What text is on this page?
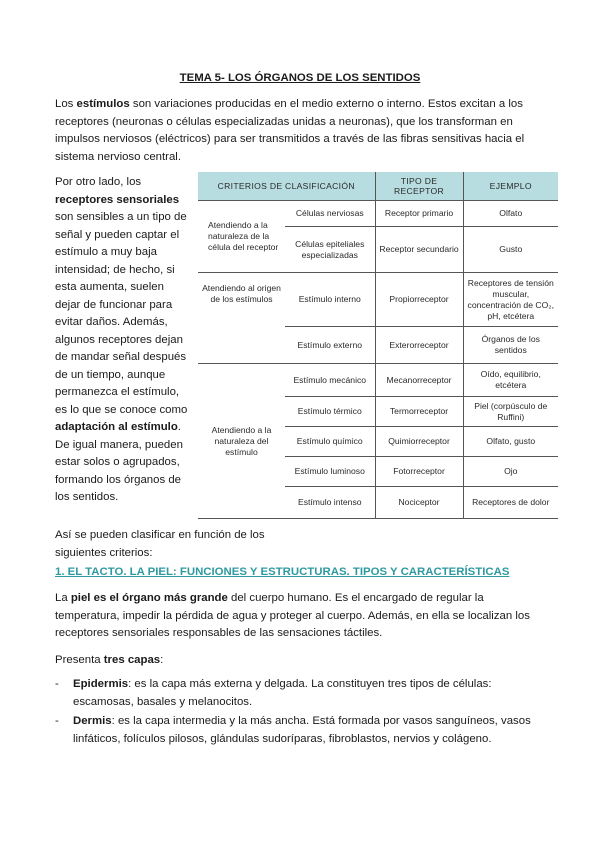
TEMA 5- LOS ÓRGANOS DE LOS SENTIDOS

Los estímulos son variaciones producidas en el medio externo o interno. Estos excitan a los receptores (neuronas o células especializadas unidas a neuronas), que los transforman en impulsos nerviosos (eléctricos) para ser transmitidos a través de las fibras sensitivas hacia el sistema nervioso central.

Por otro lado, los receptores sensoriales son sensibles a un tipo de señal y pueden captar el estímulo a muy baja intensidad; de hecho, si esta aumenta, suelen dejar de funcionar para evitar daños. Además, algunos receptores dejan de mandar señal después de un tiempo, aunque permanezca el estímulo, es lo que se conoce como adaptación al estímulo. De igual manera, pueden estar solos o agrupados, formando los órganos de los sentidos.
CRITERIOS DE CLASIFICACIÓN		TIPO DE RECEPTOR	EJEMPLO
Atendiendo a la naturaleza de la célula del receptor	Células nerviosas	Receptor primario	Olfato
	Células epiteliales especializadas	Receptor secundario	Gusto
Atendiendo al origen de los estímulos	Estímulo interno	Propiorreceptor	Receptores de tensión muscular, concentración de CO₂, pH, etcétera
	Estímulo externo	Exterorreceptor	Órganos de los sentidos
Atendiendo a la naturaleza del estímulo	Estímulo mecánico	Mecanorreceptor	Oído, equilibrio, etcétera
	Estímulo térmico	Termorreceptor	Piel (corpúsculo de Ruffini)
	Estímulo químico	Quimiorreceptor	Olfato, gusto
	Estímulo luminoso	Fotorreceptor	Ojo
	Estímulo intenso	Nociceptor	Receptores de dolor
Así se pueden clasificar en función de los siguientes criterios:
1. EL TACTO. LA PIEL: FUNCIONES Y ESTRUCTURAS. TIPOS Y CARACTERÍSTICAS
La piel es el órgano más grande del cuerpo humano. Es el encargado de regular la temperatura, impedir la pérdida de agua y proteger al cuerpo. Además, en ella se localizan los receptores sensoriales responsables de las sensaciones táctiles.
Presenta tres capas:
-	Epidermis: es la capa más externa y delgada. La constituyen tres tipos de células: escamosas, basales y melanocitos.
-	Dermis: es la capa intermedia y la más ancha. Está formada por vasos sanguíneos, vasos linfáticos, folículos pilosos, glándulas sudoríparas, fibroblastos, nervios y colágeno.
